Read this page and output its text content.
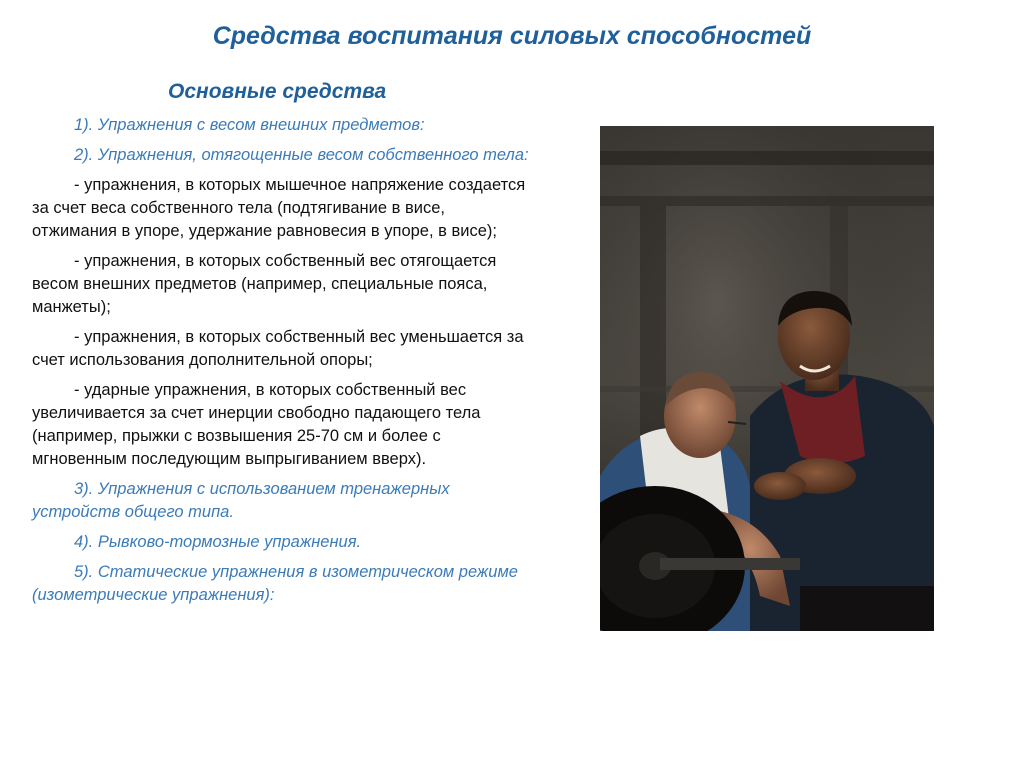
Средства воспитания силовых способностей
Основные средства

1). Упражнения с весом внешних предметов:

2). Упражнения, отягощенные весом собственного тела:

- упражнения, в которых мышечное напряжение создается за счет веса собственного тела (подтягивание в висе, отжимания в упоре, удержание равновесия в упоре, в висе);

- упражнения, в которых собственный вес отягощается весом внешних предметов (например, специальные пояса, манжеты);

- упражнения, в которых собственный вес уменьшается за счет использования дополнительной опоры;

- ударные упражнения, в которых собственный вес увеличивается за счет инерции свободно падающего тела (например, прыжки с возвышения 25-70 см и более с мгновенным последующим выпрыгиванием вверх).

3). Упражнения с использованием тренажерных устройств общего типа.

4). Рывково-тормозные упражнения.

5). Статические упражнения в изометрическом режиме (изометрические упражнения):
